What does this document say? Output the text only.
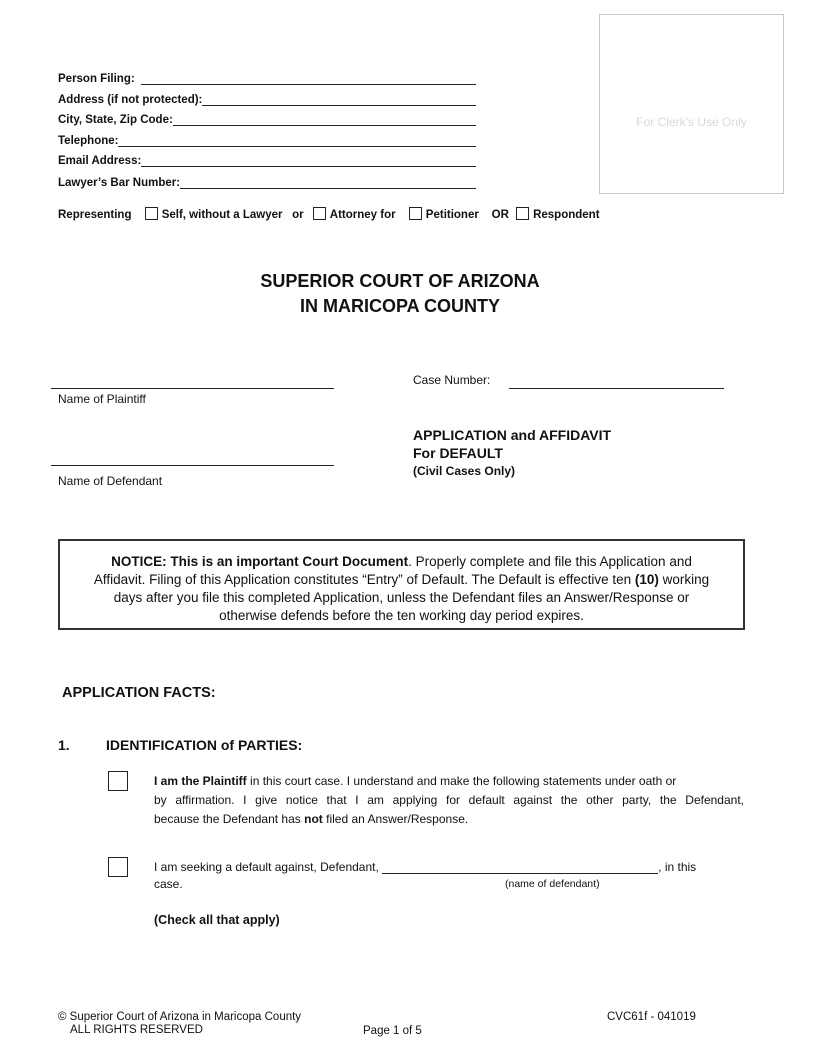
Person Filing:
Address (if not protected):
City, State, Zip Code:
Telephone:
Email Address:
Lawyer’s Bar Number:
Representing	Self, without a Lawyer or Attorney for	Petitioner OR Respondent
For Clerk’s Use Only
SUPERIOR COURT OF ARIZONA
IN MARICOPA COUNTY
Name of Plaintiff
Name of Defendant
Case Number:
APPLICATION and AFFIDAVIT
For DEFAULT
(Civil Cases Only)
NOTICE: This is an important Court Document. Properly complete and file this Application and
Affidavit. Filing of this Application constitutes “Entry” of Default. The Default is effective ten (10) working
days after you file this completed Application, unless the Defendant files an Answer/Response or
otherwise defends before the ten working day period expires.
APPLICATION FACTS:
1.	IDENTIFICATION of PARTIES:
I am the Plaintiff in this court case. I understand and make the following statements under oath or
by affirmation. I give notice that I am applying for default against the other party, the Defendant,
because the Defendant has not filed an Answer/Response.
I am seeking a default against, Defendant,	, in this
case.	(name of defendant)
(Check all that apply)
© Superior Court of Arizona in Maricopa County
ALL RIGHTS RESERVED	Page 1 of 5
CVC61f - 041019
